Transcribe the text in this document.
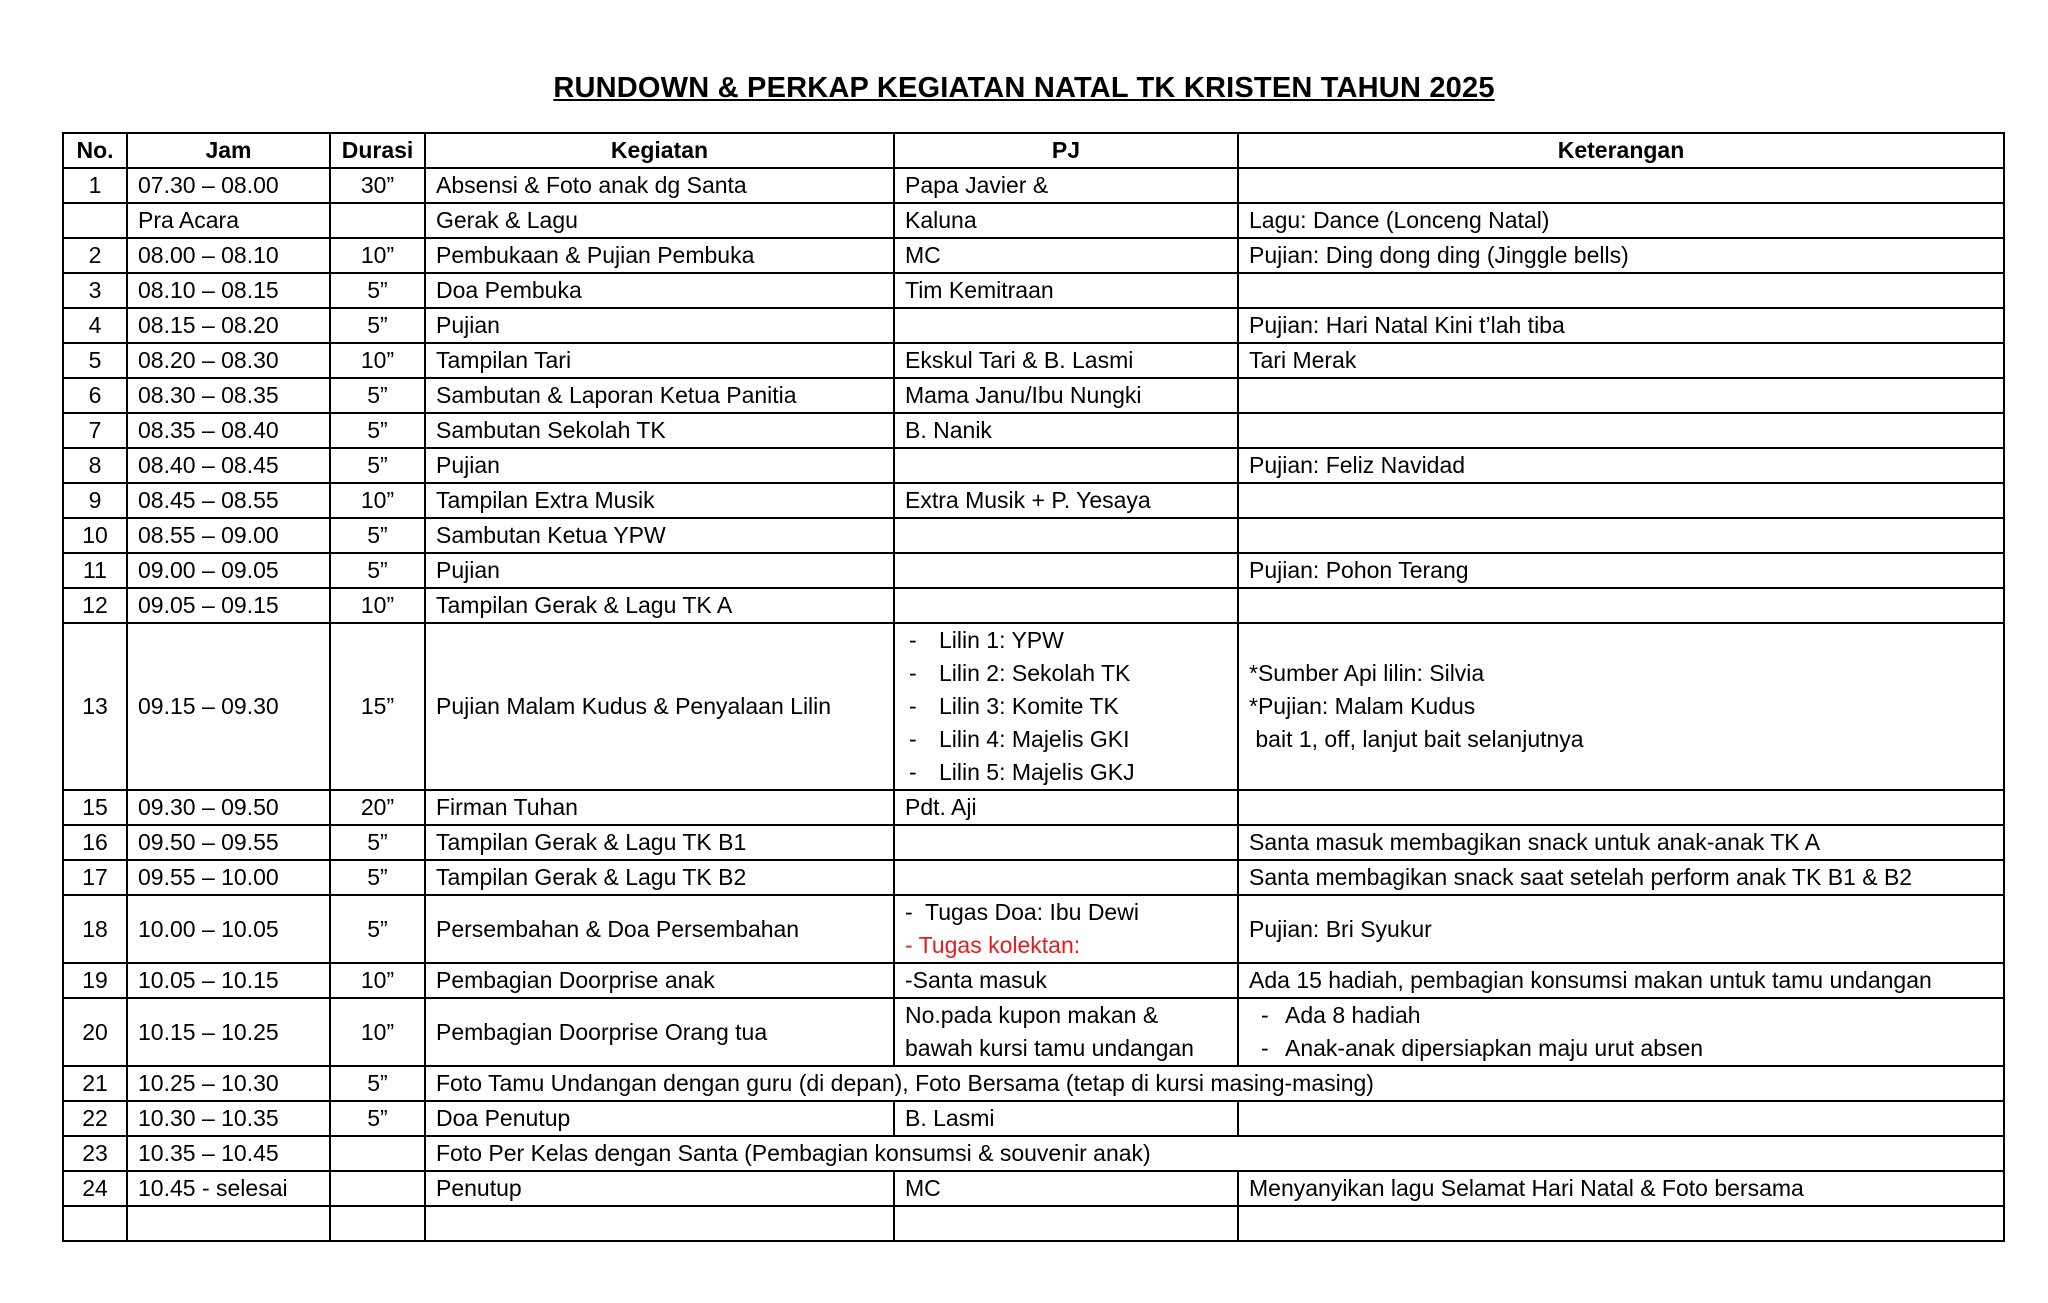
RUNDOWN & PERKAP KEGIATAN NATAL TK KRISTEN TAHUN 2025
No.	Jam	Durasi	Kegiatan	PJ	Keterangan
1	07.30 – 08.00	30”	Absensi & Foto anak dg Santa	Papa Javier &	
	Pra Acara		Gerak & Lagu	Kaluna	Lagu: Dance (Lonceng Natal)
2	08.00 – 08.10	10”	Pembukaan & Pujian Pembuka	MC	Pujian: Ding dong ding (Jinggle bells)
3	08.10 – 08.15	5”	Doa Pembuka	Tim Kemitraan	
4	08.15 – 08.20	5”	Pujian		Pujian: Hari Natal Kini t’lah tiba
5	08.20 – 08.30	10”	Tampilan Tari	Ekskul Tari & B. Lasmi	Tari Merak
6	08.30 – 08.35	5”	Sambutan & Laporan Ketua Panitia	Mama Janu/Ibu Nungki	
7	08.35 – 08.40	5”	Sambutan Sekolah TK	B. Nanik	
8	08.40 – 08.45	5”	Pujian		Pujian: Feliz Navidad
9	08.45 – 08.55	10”	Tampilan Extra Musik	Extra Musik + P. Yesaya	
10	08.55 – 09.00	5”	Sambutan Ketua YPW		
11	09.00 – 09.05	5”	Pujian		Pujian: Pohon Terang
12	09.05 – 09.15	10”	Tampilan Gerak & Lagu TK A		
13	09.15 – 09.30	15”	Pujian Malam Kudus & Penyalaan Lilin	- Lilin 1: YPW
- Lilin 2: Sekolah TK
- Lilin 3: Komite TK
- Lilin 4: Majelis GKI
- Lilin 5: Majelis GKJ	*Sumber Api lilin: Silvia
*Pujian: Malam Kudus
bait 1, off, lanjut bait selanjutnya

15	09.30 – 09.50	20”	Firman Tuhan	Pdt. Aji	
16	09.50 – 09.55	5”	Tampilan Gerak & Lagu TK B1		Santa masuk membagikan snack untuk anak-anak TK A
17	09.55 – 10.00	5”	Tampilan Gerak & Lagu TK B2		Santa membagikan snack saat setelah perform anak TK B1 & B2
18	10.00 – 10.05	5”	Persembahan & Doa Persembahan	-  Tugas Doa: Ibu Dewi
- Tugas kolektan:	Pujian: Bri Syukur
19	10.05 – 10.15	10”	Pembagian Doorprise anak	-Santa masuk	Ada 15 hadiah, pembagian konsumsi makan untuk tamu undangan
20	10.15 – 10.25	10”	Pembagian Doorprise Orang tua	No.pada kupon makan &
bawah kursi tamu undangan	- Ada 8 hadiah
- Anak-anak dipersiapkan maju urut absen

21	10.25 – 10.30	5”	Foto Tamu Undangan dengan guru (di depan), Foto Bersama (tetap di kursi masing-masing)		
22	10.30 – 10.35	5”	Doa Penutup	B. Lasmi	
23	10.35 – 10.45		Foto Per Kelas dengan Santa (Pembagian konsumsi & souvenir anak)		
24	10.45 - selesai		Penutup	MC	Menyanyikan lagu Selamat Hari Natal & Foto bersama
